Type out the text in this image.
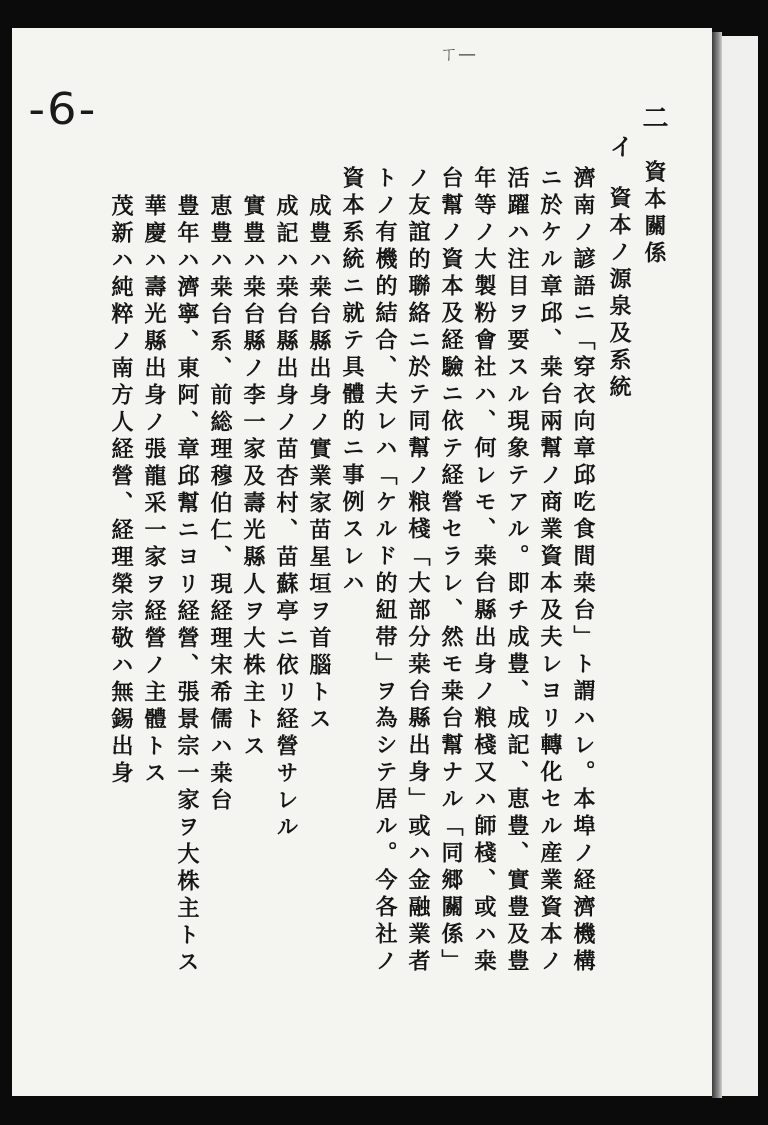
ㄒ—
-6-	二
資本關係
イ
資本ノ源泉及系統
濟南ノ諺語ニ「穿衣向章邱吃食間桒台」ト謂ハレ。本埠ノ経濟機構
ニ於ケル章邱、桒台兩幫ノ商業資本及夫レヨリ轉化セル産業資本ノ
活躍ハ注目ヲ要スル現象テアル。即チ成豊、成記、恵豊、實豊及豊
年等ノ大製粉會社ハ、何レモ、桒台縣出身ノ粮棧又ハ師棧、或ハ桒
台幫ノ資本及経驗ニ依テ経營セラレ、然モ桒台幫ナル「同郷關係」
ノ友誼的聯絡ニ於テ同幫ノ粮棧「大部分桒台縣出身」或ハ金融業者
トノ有機的結合、夫レハ「ケルド的紐帯」ヲ為シテ居ル。今各社ノ
資本系統ニ就テ具體的ニ事例スレハ
成豊ハ桒台縣出身ノ實業家苗星垣ヲ首腦トス
成記ハ桒台縣出身ノ苗杏村、苗蘇亭ニ依リ経營サレル
實豊ハ桒台縣ノ李一家及壽光縣人ヲ大株主トス
恵豊ハ桒台系、前総理穆伯仁、現経理宋希儒ハ桒台
豊年ハ濟寧、東阿、章邱幫ニヨリ経營、張景宗一家ヲ大株主トス
華慶ハ壽光縣出身ノ張龍采一家ヲ経營ノ主體トス
茂新ハ純粹ノ南方人経營、経理榮宗敬ハ無錫出身
